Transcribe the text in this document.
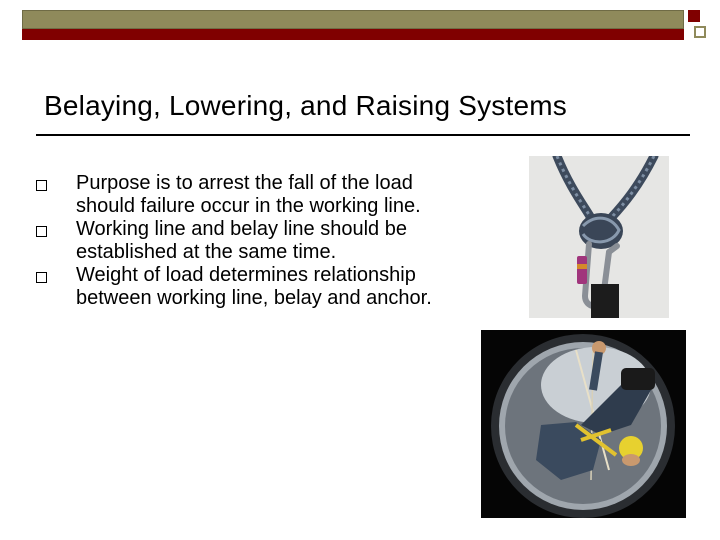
Belaying, Lowering, and Raising Systems
Purpose is to arrest the fall of the load should failure occur in the working line.
Working line and belay line should be established at the same time.
Weight of load determines relationship between working line, belay and anchor.
